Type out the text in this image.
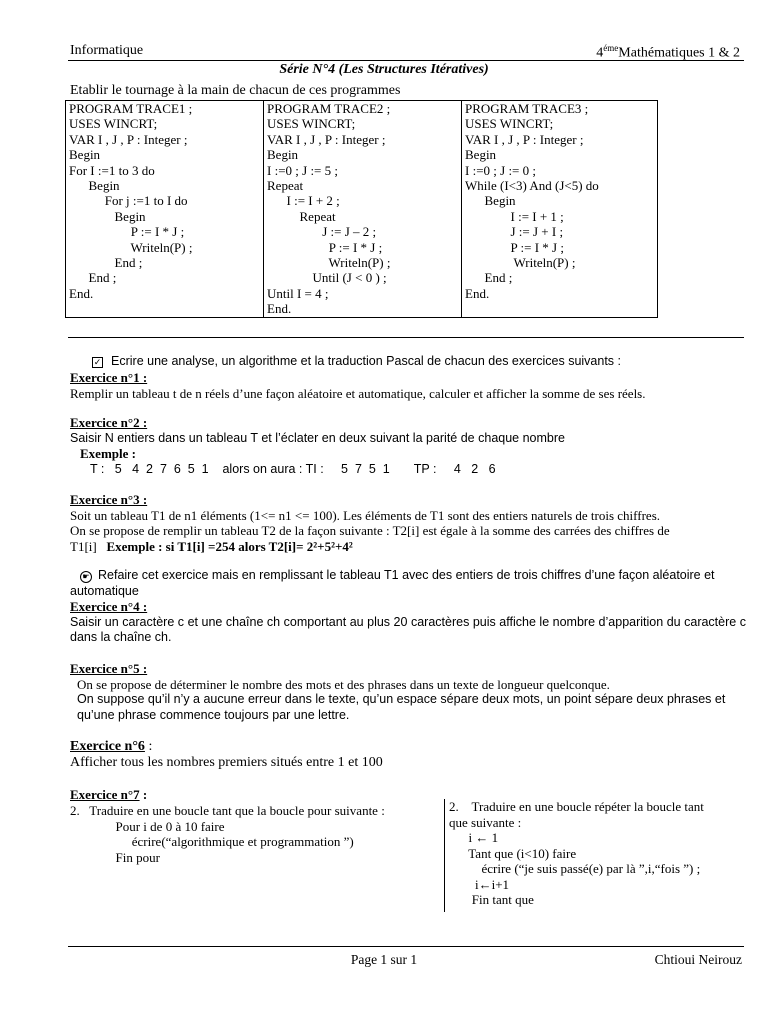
Informatique	$4^{éme}Mathématiques$ 1 & 2
Série N°4 (Les Structures Itératives)
Etablir le tournage à la main de chacun de ces programmes
PROGRAM TRACE1 ;
USES WINCRT;
VAR I , J , P : Integer ;
Begin
For I :=1 to 3 do
Begin
For j :=1 to I do
Begin
P := I * J ;
Writeln(P) ;
End ;
End ;
End.	PROGRAM TRACE2 ;
USES WINCRT;
VAR I , J , P : Integer ;
Begin
I :=0 ; J := 5 ;
Repeat
I := I + 2 ;
Repeat
J := J – 2 ;
P := I * J ;
Writeln(P) ;
Until (J < 0 ) ;
Until I = 4 ;
End.	PROGRAM TRACE3 ;
USES WINCRT;
VAR I , J , P : Integer ;
Begin
I :=0 ; J := 0 ;
While (I<3) And (J<5) do
Begin
I := I + 1 ;
J := J + I ;
P := I * J ;
Writeln(P) ;
End ;
End.
✓ Ecrire une analyse, un algorithme et la traduction Pascal de chacun des exercices suivants :

Exercice n°1 :

Remplir un tableau t de n réels d’une façon aléatoire et automatique, calculer et afficher la somme de ses réels.

Exercice n°2 :

Saisir N entiers dans un tableau T et l’éclater en deux suivant la parité de chaque nombre

Exemple :

T :   5   4  2  7  6  5  1    alors on aura : TI :     5  7  5  1       TP :     4   2   6

Exercice n°3 :

Soit un tableau T1 de n1 éléments (1<= n1 <= 100). Les éléments de T1 sont des entiers naturels de trois chiffres.

On se propose de remplir un tableau T2 de la façon suivante : T2[i] est égale à la somme des carrées des chiffres de

T1[i] Exemple : si T1[i] =254 alors T2[i]= 2²+5²+4²

☛ Refaire cet exercice mais en remplissant le tableau T1 avec des entiers de trois chiffres d’une façon aléatoire et automatique

Exercice n°4 :

Saisir un caractère c et une chaîne ch comportant au plus 20 caractères puis affiche le nombre d’apparition du caractère c dans la chaîne ch.

Exercice n°5 :

On se propose de déterminer le nombre des mots et des phrases dans un texte de longueur quelconque.

On suppose qu’il n’y a aucune erreur dans le texte, qu’un espace sépare deux mots, un point sépare deux phrases et qu’une phrase commence toujours par une lettre.

Exercice n°6 :

Afficher tous les nombres premiers situés entre 1 et 100

Exercice n°7 :
2.   Traduire en une boucle tant que la boucle pour suivante :
Pour i de 0 à 10 faire
écrire(“algorithmique et programmation ”)
Fin pour
2.    Traduire en une boucle répéter la boucle tant
que suivante :
i ← 1
Tant que (i<10) faire
écrire (“je suis passé(e) par là ”,i,“fois ”) ;
i←i+1
Fin tant que
Page 1 sur 1	Chtioui Neirouz
